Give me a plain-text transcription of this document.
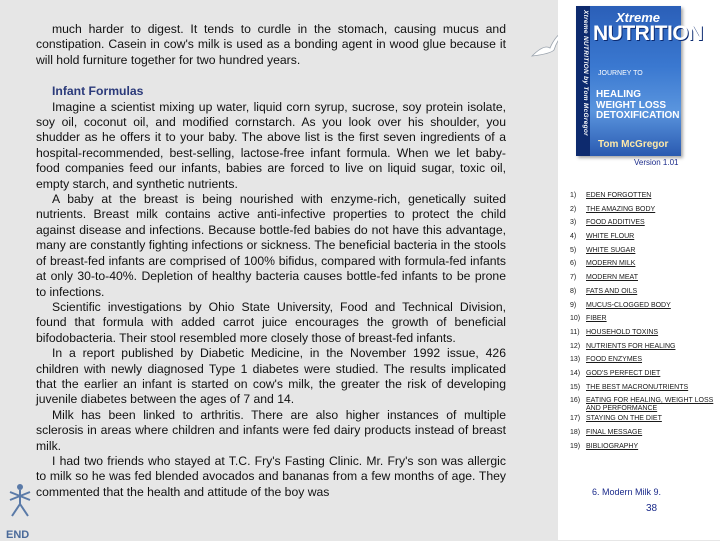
much harder to digest. It tends to curdle in the stomach, causing mucus and constipation. Casein in cow's milk is used as a bonding agent in wood glue because it will hold furniture together for two hundred years.

Infant Formulas

Imagine a scientist mixing up water, liquid corn syrup, sucrose, soy protein isolate, soy oil, coconut oil, and modified cornstarch. As you look over his shoulder, you shudder as he offers it to your baby. The above list is the first seven ingredients of a hospital-recommended, best-selling, lactose-free infant formula. When we let baby-food companies feed our infants, babies are forced to live on liquid sugar, toxic oil, empty starch, and synthetic nutrients.

A baby at the breast is being nourished with enzyme-rich, genetically suited nutrients. Breast milk contains active anti-infective properties to protect the child against disease and infections. Because bottle-fed babies do not have this advantage, many are constantly fighting infections or sickness. The beneficial bacteria in the stools of breast-fed infants are comprised of 100% bifidus, compared with formula-fed infants at only 30-to-40%. Depletion of healthy bacteria causes bottle-fed infants to be prone to infections.

Scientific investigations by Ohio State University, Food and Technical Division, found that formula with added carrot juice encourages the growth of beneficial bifodobacteria. Their stool resembled more closely those of breast-fed infants.

In a report published by Diabetic Medicine, in the November 1992 issue, 426 children with newly diagnosed Type 1 diabetes were studied. The results implicated that the earlier an infant is started on cow's milk, the greater the risk of developing juvenile diabetes between the ages of 7 and 14.

Milk has been linked to arthritis. There are also higher instances of multiple sclerosis in areas where children and infants were fed dairy products instead of breast milk.

I had two friends who stayed at T.C. Fry's Fasting Clinic. Mr. Fry's son was allergic to milk so he was fed blended avocados and bananas from a few months of age. They commented that the health and attitude of the boy was

Xtreme NUTRITION by Tom McGregor	Xtreme
NUTRITION
JOURNEY TO
HEALING WEIGHT LOSS DETOXIFICATION
Tom McGregor
Version 1.01
1)	EDEN FORGOTTEN
2)	THE AMAZING BODY
3)	FOOD ADDITIVES
4)	WHITE FLOUR
5)	WHITE SUGAR
6)	MODERN MILK
7)	MODERN MEAT
8)	FATS AND OILS
9)	MUCUS-CLOGGED BODY
10) FIBER
11) HOUSEHOLD TOXINS
12) NUTRIENTS FOR HEALING
13) FOOD ENZYMES
14) GOD'S PERFECT DIET
15) THE BEST MACRONUTRIENTS
16) EATING FOR HEALING, WEIGHT LOSS AND PERFORMANCE
17) STAYING ON THE DIET
18) FINAL MESSAGE
19) BIBLIOGRAPHY
6. Modern Milk 9.
38
END
